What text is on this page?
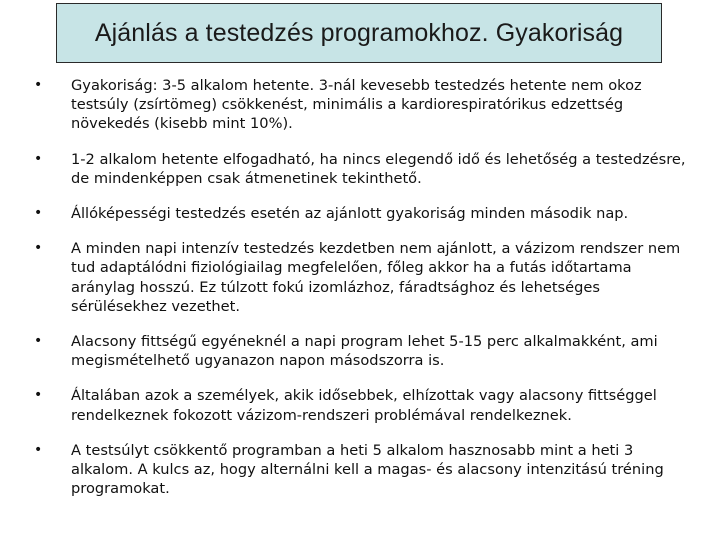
Ajánlás a testedzés programokhoz. Gyakoriság
• Gyakoriság: 3-5 alkalom hetente. 3-nál kevesebb testedzés hetente nem okoz testsúly (zsírtömeg) csökkenést, minimális a kardiorespiratórikus edzettség növekedés (kisebb mint 10%).
• 1-2 alkalom hetente elfogadható, ha nincs elegendő idő és lehetőség a testedzésre, de mindenképpen csak átmenetinek tekinthető.
• Állóképességi testedzés esetén az ajánlott gyakoriság minden második nap.
• A minden napi intenzív testedzés kezdetben nem ajánlott, a vázizom rendszer nem tud adaptálódni fiziológiailag megfelelően, főleg akkor ha a futás időtartama aránylag hosszú. Ez túlzott fokú izomlázhoz, fáradtsághoz és lehetséges sérülésekhez vezethet.
• Alacsony fittségű egyéneknél a napi program lehet 5-15 perc alkalmakként, ami megismételhető ugyanazon napon másodszorra is.
• Általában azok a személyek, akik idősebbek, elhízottak vagy alacsony fittséggel rendelkeznek fokozott vázizom-rendszeri problémával rendelkeznek.
• A testsúlyt csökkentő programban a heti 5 alkalom hasznosabb mint a heti 3 alkalom. A kulcs az, hogy alternálni kell a magas- és alacsony intenzitású tréning programokat.
